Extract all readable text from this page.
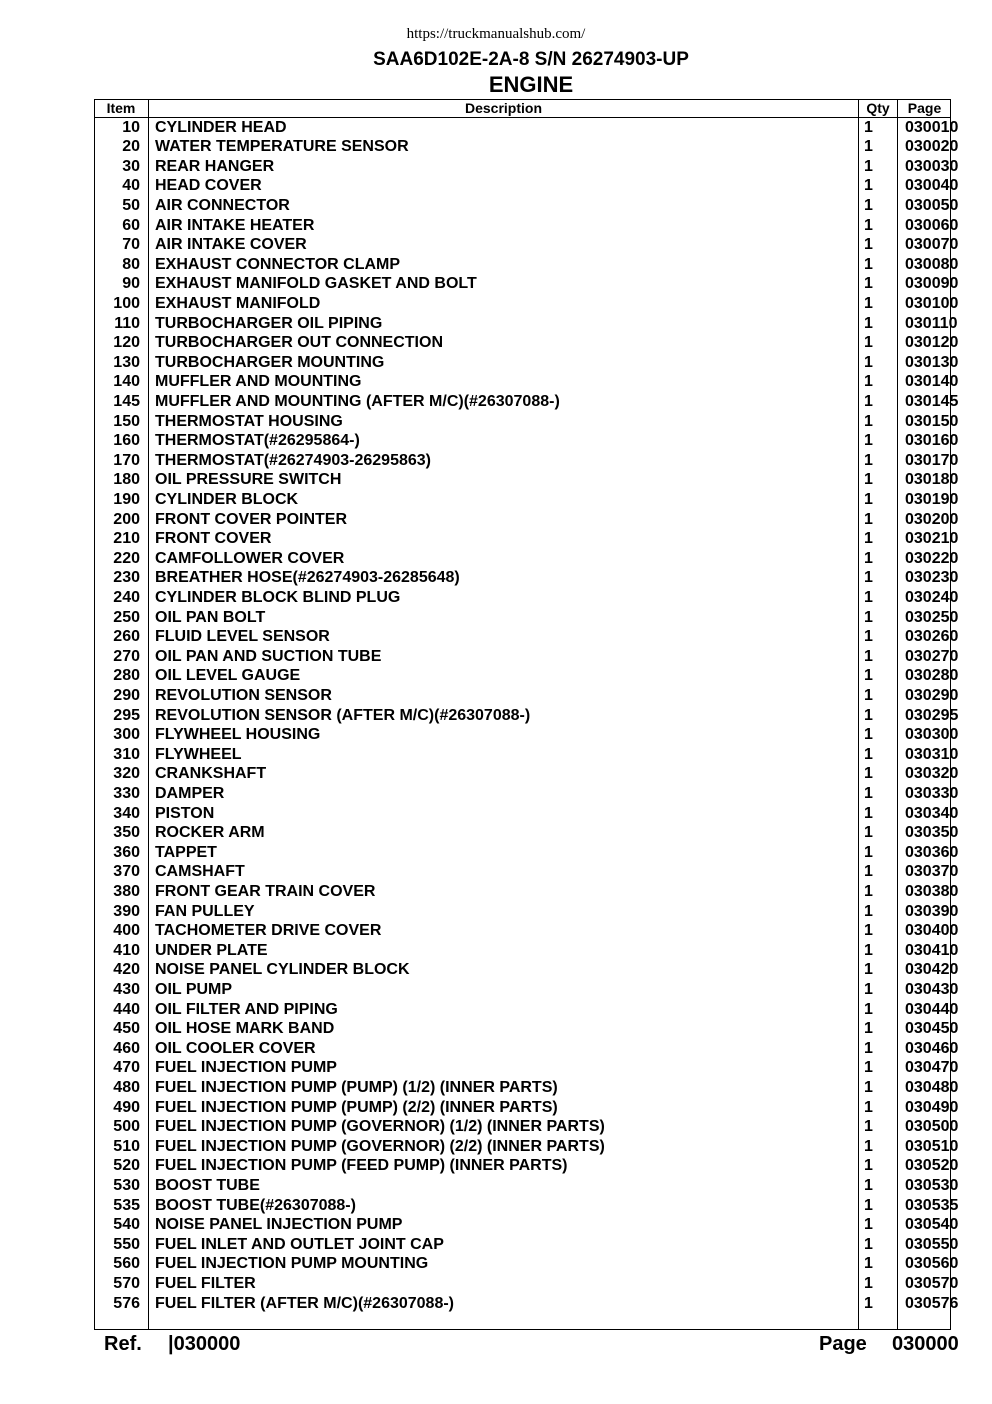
https://truckmanualshub.com/
SAA6D102E-2A-8 S/N 26274903-UP
ENGINE
Item	Description	Qty	Page
10 CYLINDER HEAD	1 030010
20 WATER TEMPERATURE SENSOR	1 030020
30 REAR HANGER	1 030030
40 HEAD COVER	1 030040
50 AIR CONNECTOR	1 030050
60 AIR INTAKE HEATER	1 030060
70 AIR INTAKE COVER	1 030070
80 EXHAUST CONNECTOR CLAMP	1 030080
90 EXHAUST MANIFOLD GASKET AND BOLT	1 030090
100 EXHAUST MANIFOLD	1 030100
110 TURBOCHARGER OIL PIPING	1 030110
120 TURBOCHARGER OUT CONNECTION	1 030120
130 TURBOCHARGER MOUNTING	1 030130
140 MUFFLER AND MOUNTING	1 030140
145 MUFFLER AND MOUNTING (AFTER M/C)(#26307088-)	1 030145
150 THERMOSTAT HOUSING	1 030150
160 THERMOSTAT(#26295864-)	1 030160
170 THERMOSTAT(#26274903-26295863)	1 030170
180 OIL PRESSURE SWITCH	1 030180
190 CYLINDER BLOCK	1 030190
200 FRONT COVER POINTER	1 030200
210 FRONT COVER	1 030210
220 CAMFOLLOWER COVER	1 030220
230 BREATHER HOSE(#26274903-26285648)	1 030230
240 CYLINDER BLOCK BLIND PLUG	1 030240
250 OIL PAN BOLT	1 030250
260 FLUID LEVEL SENSOR	1 030260
270 OIL PAN AND SUCTION TUBE	1 030270
280 OIL LEVEL GAUGE	1 030280
290 REVOLUTION SENSOR	1 030290
295 REVOLUTION SENSOR (AFTER M/C)(#26307088-)	1 030295
300 FLYWHEEL HOUSING	1 030300
310 FLYWHEEL	1 030310
320 CRANKSHAFT	1 030320
330 DAMPER	1 030330
340 PISTON	1 030340
350 ROCKER ARM	1 030350
360 TAPPET	1 030360
370 CAMSHAFT	1 030370
380 FRONT GEAR TRAIN COVER	1 030380
390 FAN PULLEY	1 030390
400 TACHOMETER DRIVE COVER	1 030400
410 UNDER PLATE	1 030410
420 NOISE PANEL CYLINDER BLOCK	1 030420
430 OIL PUMP	1 030430
440 OIL FILTER AND PIPING	1 030440
450 OIL HOSE MARK BAND	1 030450
460 OIL COOLER COVER	1 030460
470 FUEL INJECTION PUMP	1 030470
480 FUEL INJECTION PUMP (PUMP) (1/2) (INNER PARTS)	1 030480
490 FUEL INJECTION PUMP (PUMP) (2/2) (INNER PARTS)	1 030490
500 FUEL INJECTION PUMP (GOVERNOR) (1/2) (INNER PARTS)	1 030500
510 FUEL INJECTION PUMP (GOVERNOR) (2/2) (INNER PARTS)	1 030510
520 FUEL INJECTION PUMP (FEED PUMP) (INNER PARTS)	1 030520
530 BOOST TUBE	1 030530
535 BOOST TUBE(#26307088-)	1 030535
540 NOISE PANEL INJECTION PUMP	1 030540
550 FUEL INLET AND OUTLET JOINT CAP	1 030550
560 FUEL INJECTION PUMP MOUNTING	1 030560
570 FUEL FILTER	1 030570
576 FUEL FILTER (AFTER M/C)(#26307088-)	1 030576
Ref. |030000	Page 030000
